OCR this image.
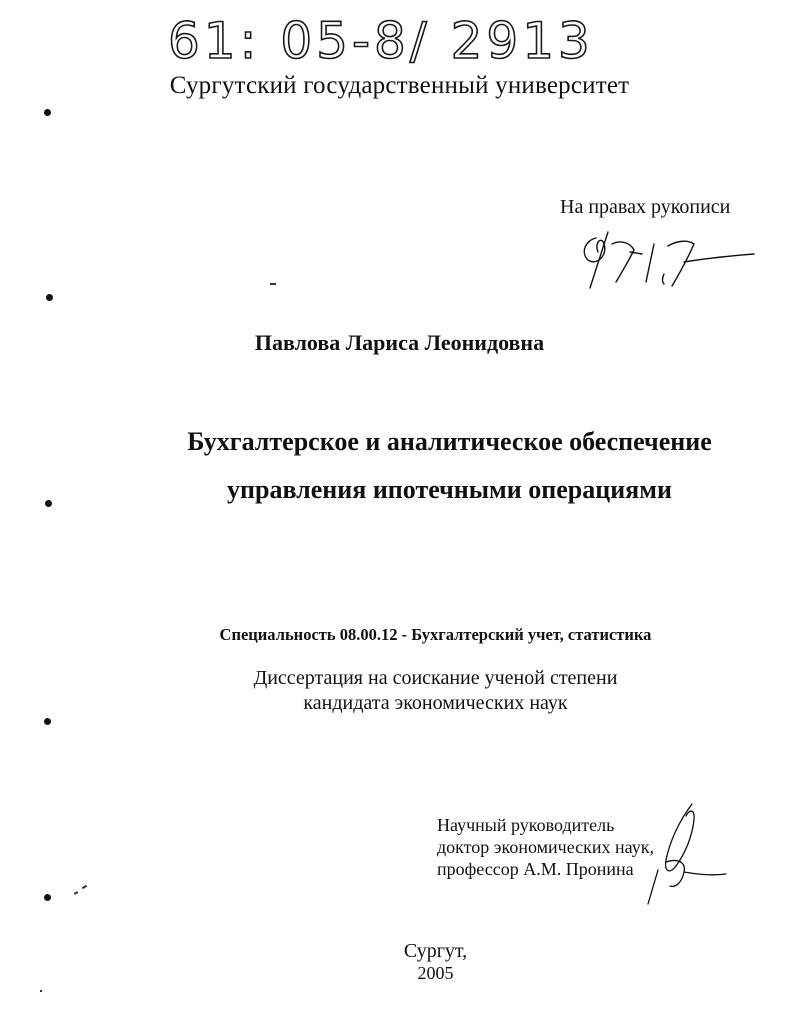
61: 05-8/ 2913
Сургутский государственный университет
На правах рукописи
Павлова Лариса Леонидовна
Бухгалтерское и аналитическое обеспечение
управления ипотечными операциями
Специальность 08.00.12 - Бухгалтерский учет, статистика
Диссертация на соискание ученой степени
кандидата экономических наук
Научный руководитель
доктор экономических наук,
профессор А.М. Пронина
Сургут,
2005
